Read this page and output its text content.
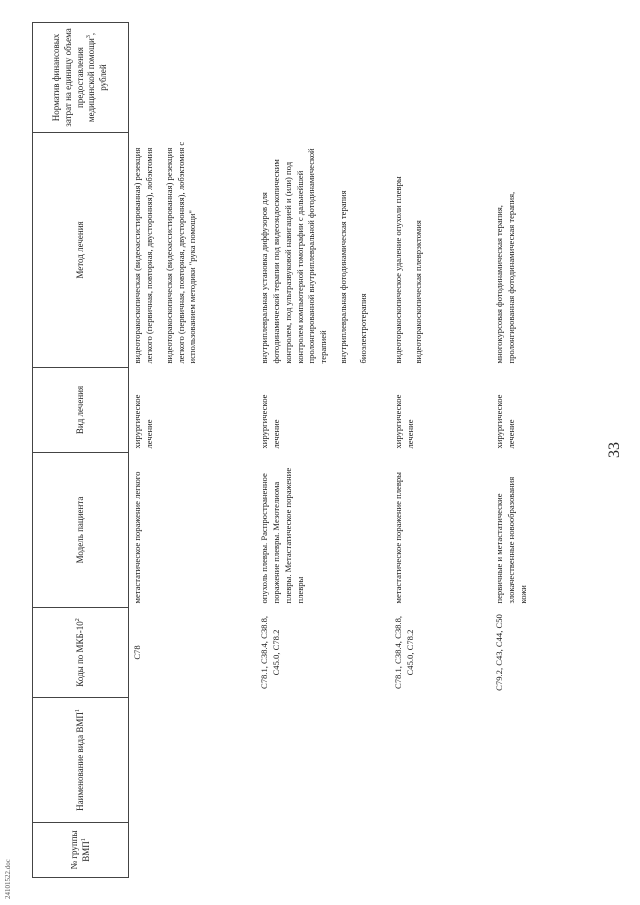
24101522.doc
33
№ группы ВМП$^1$	Наименование вида ВМП$^1$	Коды по МКБ-$10^2$	Модель пациента	Вид лечения	Метод лечения	Норматив финансовых затрат на единицу объема предоставления медицинской помощи$^3$, рублей
		C78	метастатическое поражение легкого	хирургическое лечение	видеоторакоскопическая (видеоассистированная) резекция легкого (первичная, повторная, двусторонняя), лобэктомия видеоторакоскопическая (видеоассистированная) резекция легкого (первичная, повторная, двусторонняя), лобэктомия с использованием методики "рука помощи"	

		C78.1, C38.4, C38.8, C45.0, C78.2	опухоль плевры. Распространенное поражение плевры. Мезотелиома плевры. Метастатическое поражение плевры	хирургическое лечение	внутриплевральная установка диффузоров для фотодинамической терапии под видеоэндоскопическим контролем, под ультразвуковой навигацией и (или) под контролем компьютерной томографии с дальнейшей пролонгированной внутриплевральной фотодинамической терапией внутриплевральная фотодинамическая терапия биоэлектротерапия	

		C78.1, C38.4, C38.8, C45.0, C78.2	метастатическое поражение плевры	хирургическое лечение	видеоторакоскопическое удаление опухоли плевры видеоторакоскопическая плеврэктомия	

		C79.2, C43, C44, C50	первичные и метастатические злокачественные новообразования кожи	хирургическое лечение	многокурсовая фотодинамическая терапия, пролонгированная фотодинамическая терапия,	
